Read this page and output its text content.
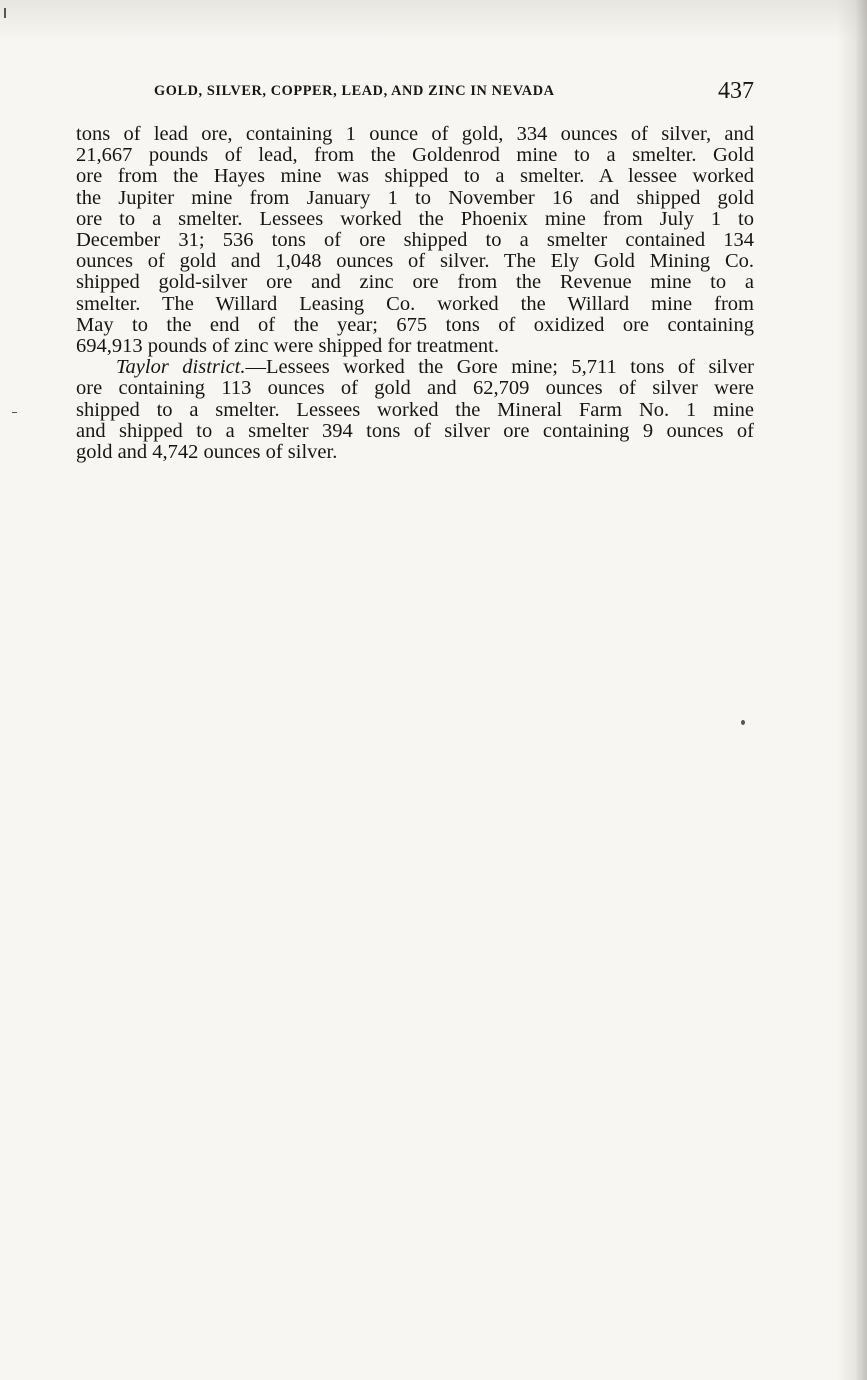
GOLD, SILVER, COPPER, LEAD, AND ZINC IN NEVADA	437
tons of lead ore, containing 1 ounce of gold, 334 ounces of silver, and
21,667 pounds of lead, from the Goldenrod mine to a smelter. Gold
ore from the Hayes mine was shipped to a smelter. A lessee worked
the Jupiter mine from January 1 to November 16 and shipped gold
ore to a smelter. Lessees worked the Phoenix mine from July 1 to
December 31; 536 tons of ore shipped to a smelter contained 134
ounces of gold and 1,048 ounces of silver. The Ely Gold Mining Co.
shipped gold-silver ore and zinc ore from the Revenue mine to a
smelter. The Willard Leasing Co. worked the Willard mine from
May to the end of the year; 675 tons of oxidized ore containing
694,913 pounds of zinc were shipped for treatment.
Taylor district.—Lessees worked the Gore mine; 5,711 tons of silver
ore containing 113 ounces of gold and 62,709 ounces of silver were
shipped to a smelter. Lessees worked the Mineral Farm No. 1 mine
and shipped to a smelter 394 tons of silver ore containing 9 ounces of
gold and 4,742 ounces of silver.
